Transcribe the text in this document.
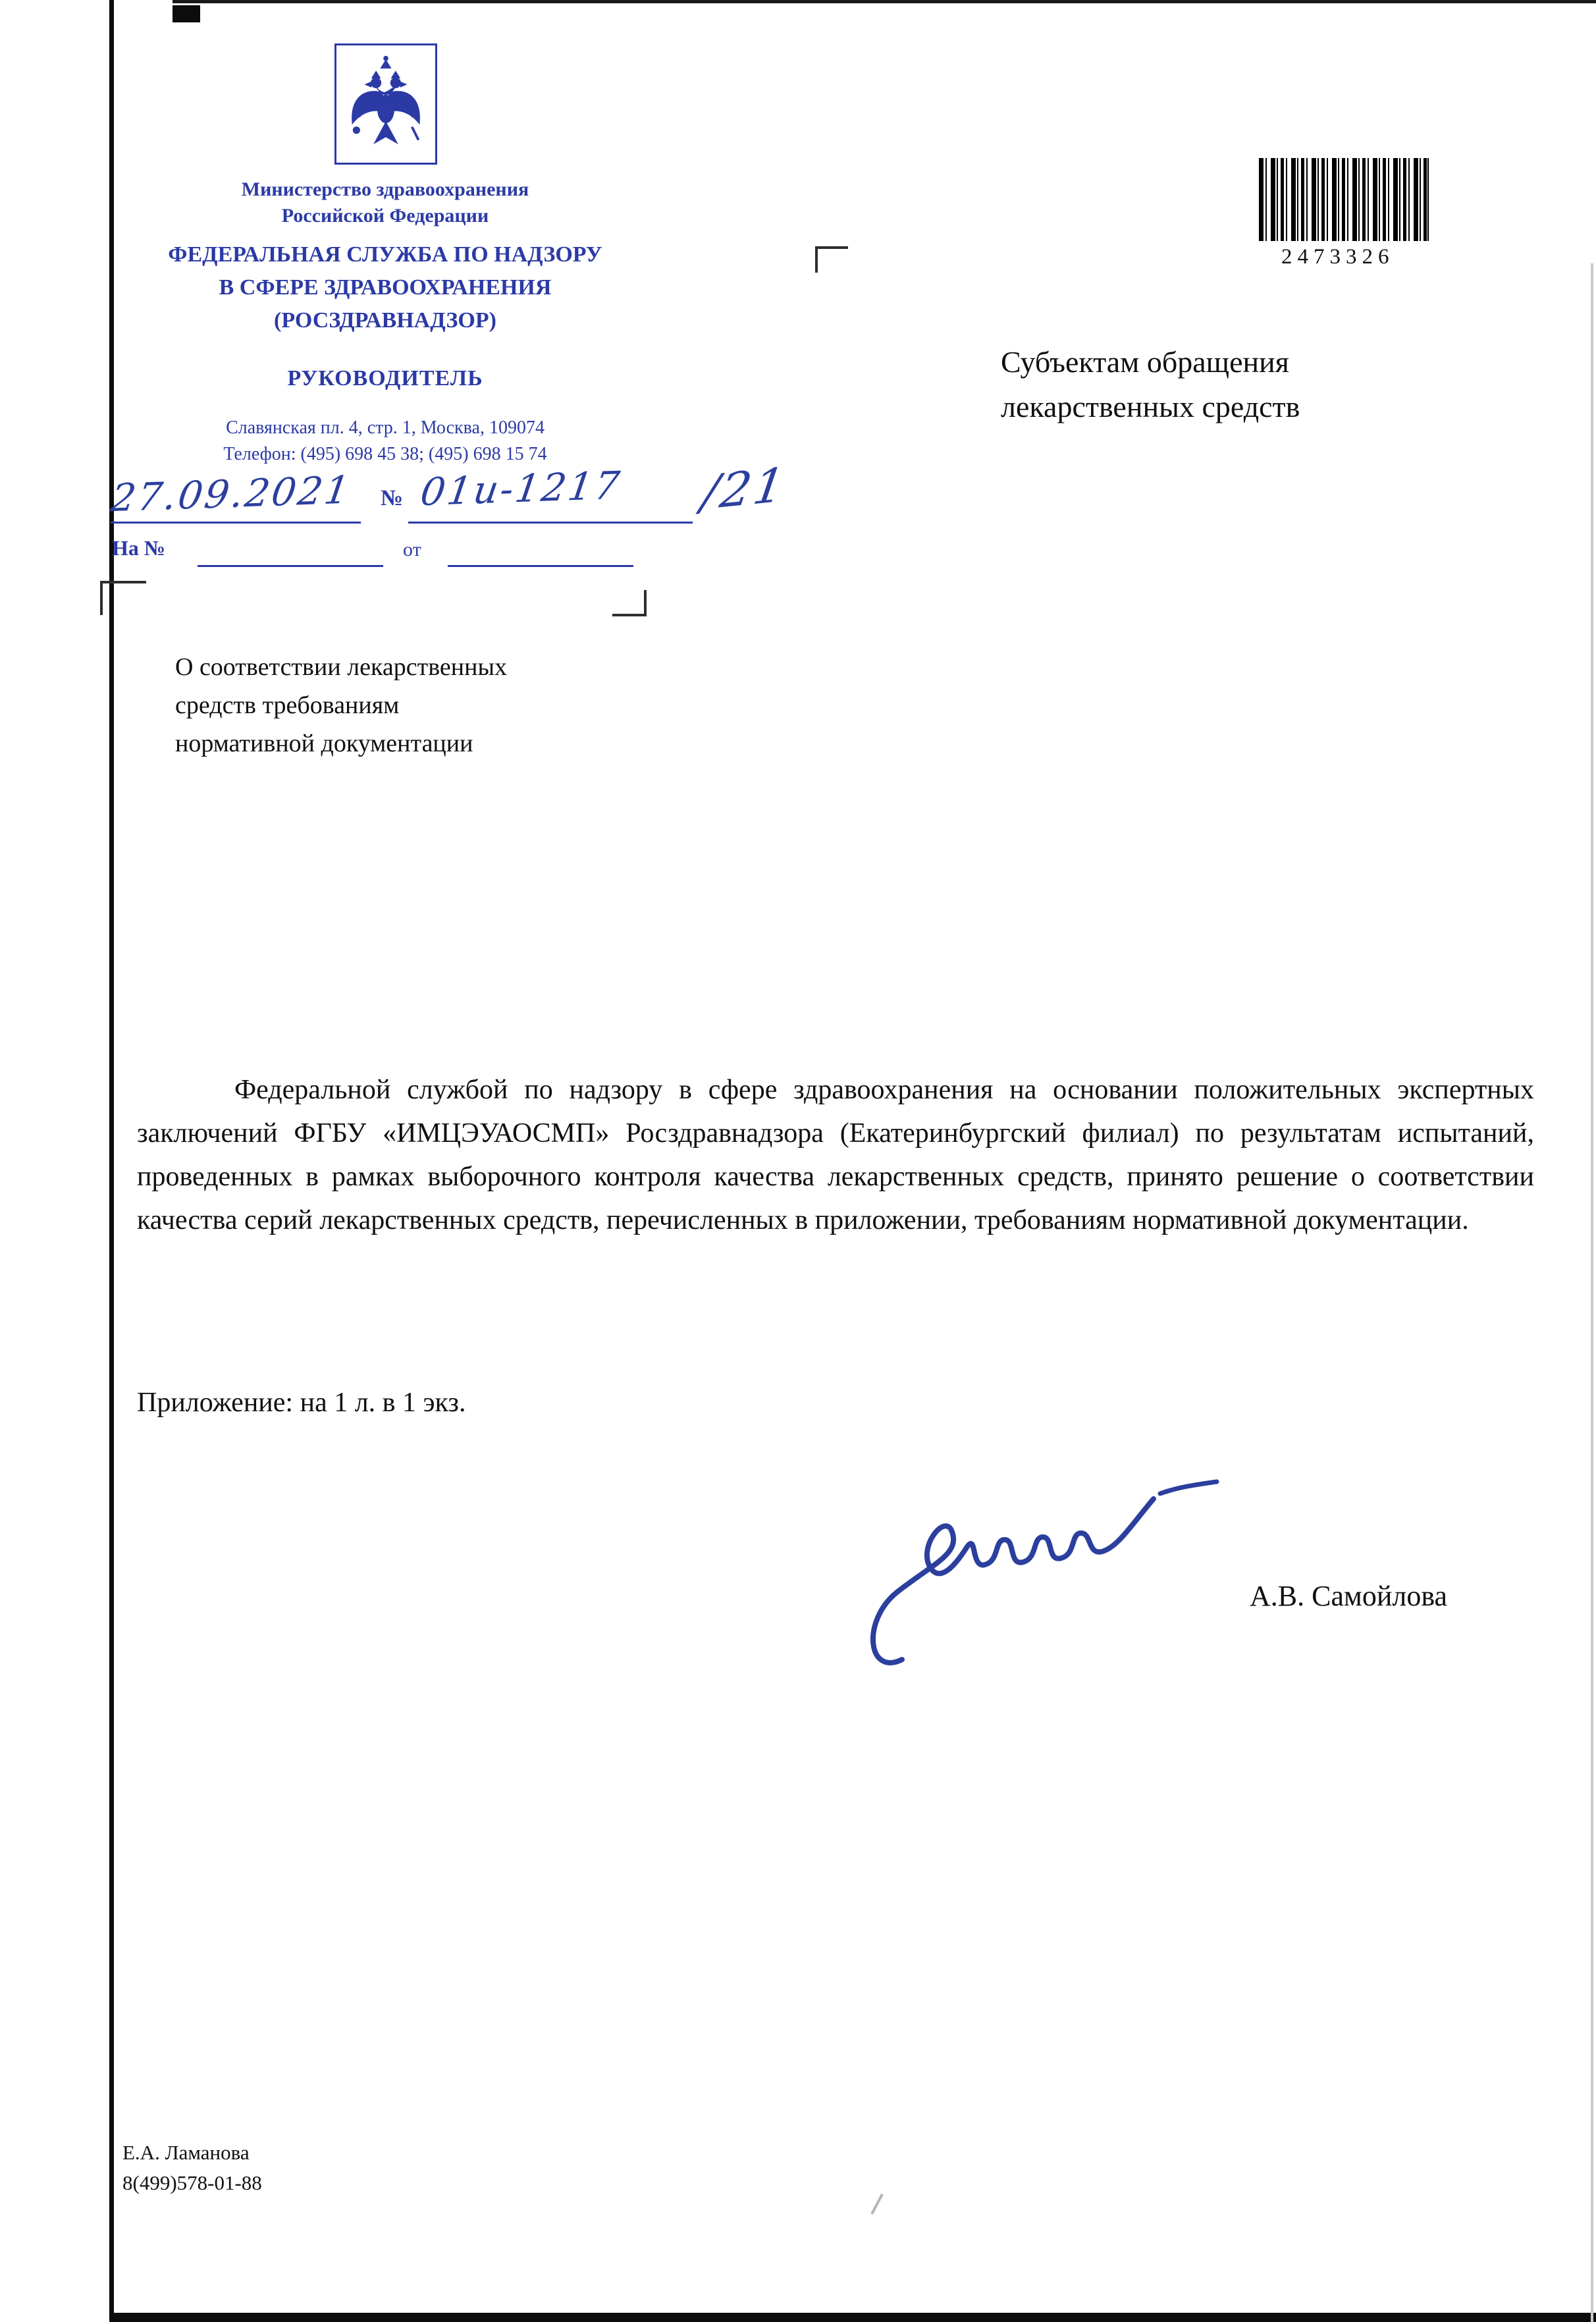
Министерство здравоохранения
Российской Федерации
ФЕДЕРАЛЬНАЯ СЛУЖБА ПО НАДЗОРУ
В СФЕРЕ ЗДРАВООХРАНЕНИЯ
(РОСЗДРАВНАДЗОР)
РУКОВОДИТЕЛЬ
Славянская пл. 4, стр. 1, Москва, 109074
Телефон: (495) 698 45 38; (495) 698 15 74
27.09.2021 № 01и-1217 /21
На №	от
2473326
Субъектам обращения
лекарственных средств
О соответствии лекарственных
средств требованиям
нормативной документации
Федеральной службой по надзору в сфере здравоохранения на основании положительных экспертных заключений ФГБУ «ИМЦЭУАОСМП» Росздравнадзора (Екатеринбургский филиал) по результатам испытаний, проведенных в рамках выборочного контроля качества лекарственных средств, принято решение о соответствии качества серий лекарственных средств, перечисленных в приложении, требованиям нормативной документации.
Приложение: на 1 л. в 1 экз.
А.В. Самойлова
Е.А. Ламанова
8(499)578-01-88
